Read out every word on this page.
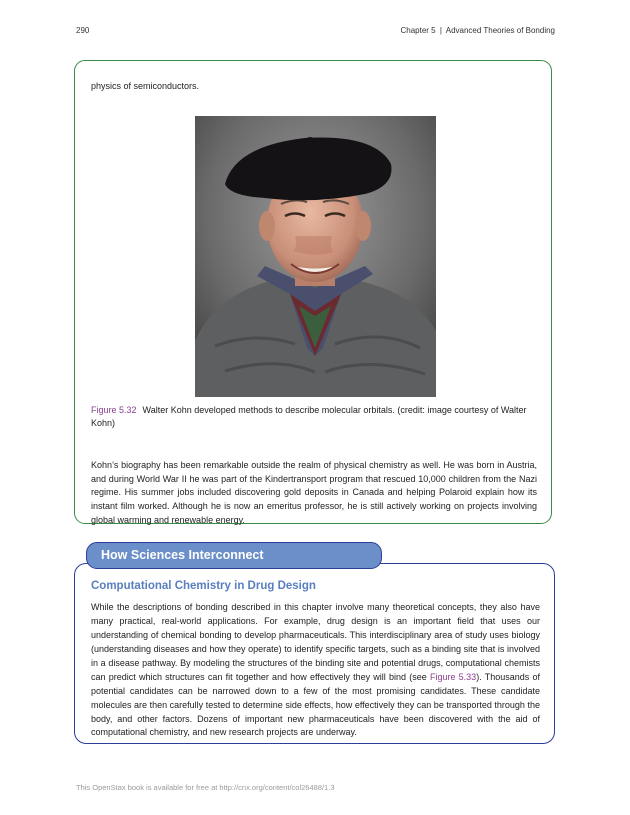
290	Chapter 5 | Advanced Theories of Bonding
physics of semiconductors.
Figure 5.32 Walter Kohn developed methods to describe molecular orbitals. (credit: image courtesy of Walter Kohn)
Kohn’s biography has been remarkable outside the realm of physical chemistry as well. He was born in Austria, and during World War II he was part of the Kindertransport program that rescued 10,000 children from the Nazi regime. His summer jobs included discovering gold deposits in Canada and helping Polaroid explain how its instant film worked. Although he is now an emeritus professor, he is still actively working on projects involving global warming and renewable energy.
Computational Chemistry in Drug Design
While the descriptions of bonding described in this chapter involve many theoretical concepts, they also have many practical, real-world applications. For example, drug design is an important field that uses our understanding of chemical bonding to develop pharmaceuticals. This interdisciplinary area of study uses biology (understanding diseases and how they operate) to identify specific targets, such as a binding site that is involved in a disease pathway. By modeling the structures of the binding site and potential drugs, computational chemists can predict which structures can fit together and how effectively they will bind (see Figure 5.33). Thousands of potential candidates can be narrowed down to a few of the most promising candidates. These candidate molecules are then carefully tested to determine side effects, how effectively they can be transported through the body, and other factors. Dozens of important new pharmaceuticals have been discovered with the aid of computational chemistry, and new research projects are underway.
How Sciences Interconnect
This OpenStax book is available for free at http://cnx.org/content/col26488/1.3
